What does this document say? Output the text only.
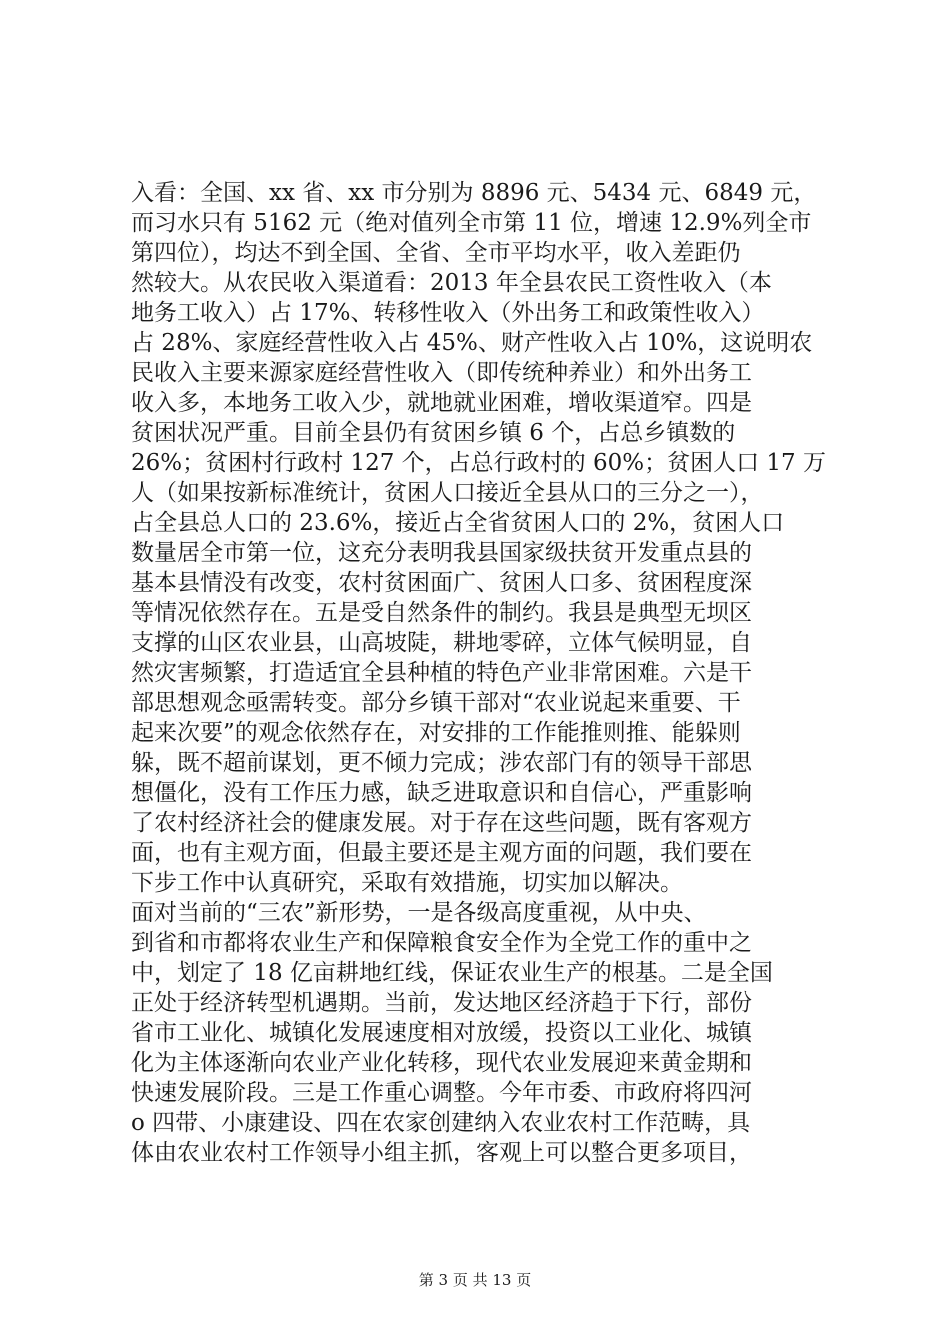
入看：全国、xx 省、xx 市分别为 8896 元、5434 元、6849 元，
而习水只有 5162 元（绝对值列全市第 11 位，增速 12.9%列全市
第四位），均达不到全国、全省、全市平均水平，收入差距仍
然较大。从农民收入渠道看：2013 年全县农民工资性收入（本
地务工收入）占 17%、转移性收入（外出务工和政策性收入）
占 28%、家庭经营性收入占 45%、财产性收入占 10%，这说明农
民收入主要来源家庭经营性收入（即传统种养业）和外出务工
收入多，本地务工收入少，就地就业困难，增收渠道窄。四是
贫困状况严重。目前全县仍有贫困乡镇 6 个，占总乡镇数的
26%；贫困村行政村 127 个，占总行政村的 60%；贫困人口 17 万
人（如果按新标准统计，贫困人口接近全县从口的三分之一），
占全县总人口的 23.6%，接近占全省贫困人口的 2%，贫困人口
数量居全市第一位，这充分表明我县国家级扶贫开发重点县的
基本县情没有改变，农村贫困面广、贫困人口多、贫困程度深
等情况依然存在。五是受自然条件的制约。我县是典型无坝区
支撑的山区农业县，山高坡陡，耕地零碎，立体气候明显，自
然灾害频繁，打造适宜全县种植的特色产业非常困难。六是干
部思想观念亟需转变。部分乡镇干部对“农业说起来重要、干
起来次要”的观念依然存在，对安排的工作能推则推、能躲则
躲，既不超前谋划，更不倾力完成；涉农部门有的领导干部思
想僵化，没有工作压力感，缺乏进取意识和自信心，严重影响
了农村经济社会的健康发展。对于存在这些问题，既有客观方
面，也有主观方面，但最主要还是主观方面的问题，我们要在
下步工作中认真研究，采取有效措施，切实加以解决。
面对当前的“三农”新形势，一是各级高度重视，从中央、
到省和市都将农业生产和保障粮食安全作为全党工作的重中之
中，划定了 18 亿亩耕地红线，保证农业生产的根基。二是全国
正处于经济转型机遇期。当前，发达地区经济趋于下行，部份
省市工业化、城镇化发展速度相对放缓，投资以工业化、城镇
化为主体逐渐向农业产业化转移，现代农业发展迎来黄金期和
快速发展阶段。三是工作重心调整。今年市委、市政府将四河
o 四带、小康建设、四在农家创建纳入农业农村工作范畴，具
体由农业农村工作领导小组主抓，客观上可以整合更多项目，
第 3 页 共 13 页
